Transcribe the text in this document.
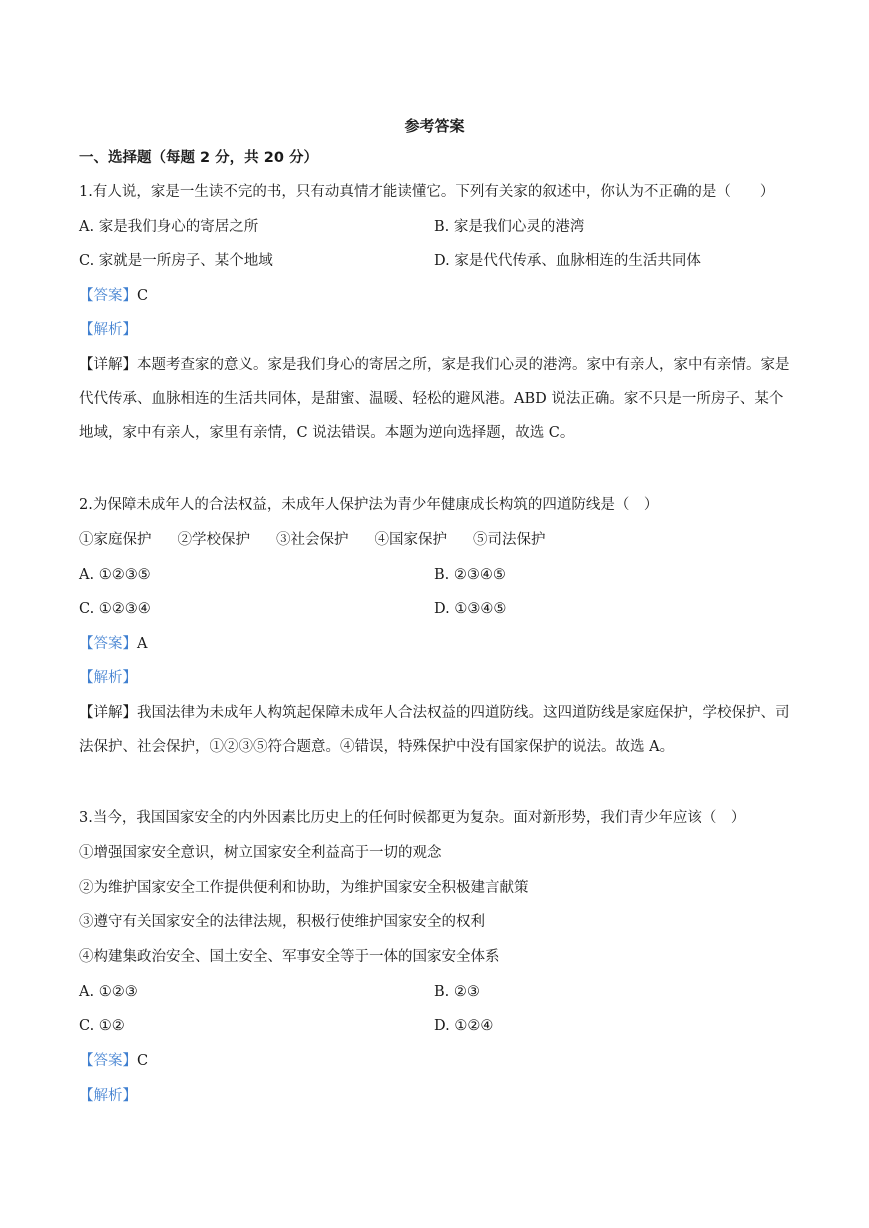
参考答案
一、选择题（每题 2 分，共 20 分）
1.有人说，家是一生读不完的书，只有动真情才能读懂它。下列有关家的叙述中，你认为不正确的是（　　）
A. 家是我们身心的寄居之所	B. 家是我们心灵的港湾
C. 家就是一所房子、某个地域	D. 家是代代传承、血脉相连的生活共同体
【答案】C
【解析】
【详解】本题考查家的意义。家是我们身心的寄居之所，家是我们心灵的港湾。家中有亲人，家中有亲情。家是代代传承、血脉相连的生活共同体，是甜蜜、温暖、轻松的避风港。ABD 说法正确。家不只是一所房子、某个地域，家中有亲人，家里有亲情，C 说法错误。本题为逆向选择题，故选 C。
2.为保障未成年人的合法权益，未成年人保护法为青少年健康成长构筑的四道防线是（　）
①家庭保护 ②学校保护 ③社会保护 ④国家保护 ⑤司法保护
A. ①②③⑤	B. ②③④⑤
C. ①②③④	D. ①③④⑤
【答案】A
【解析】
【详解】我国法律为未成年人构筑起保障未成年人合法权益的四道防线。这四道防线是家庭保护，学校保护、司法保护、社会保护，①②③⑤符合题意。④错误，特殊保护中没有国家保护的说法。故选 A。
3.当今，我国国家安全的内外因素比历史上的任何时候都更为复杂。面对新形势，我们青少年应该（　）
①增强国家安全意识，树立国家安全利益高于一切的观念
②为维护国家安全工作提供便利和协助，为维护国家安全积极建言献策
③遵守有关国家安全的法律法规，积极行使维护国家安全的权利
④构建集政治安全、国土安全、军事安全等于一体的国家安全体系
A. ①②③	B. ②③
C. ①②	D. ①②④
【答案】C
【解析】
